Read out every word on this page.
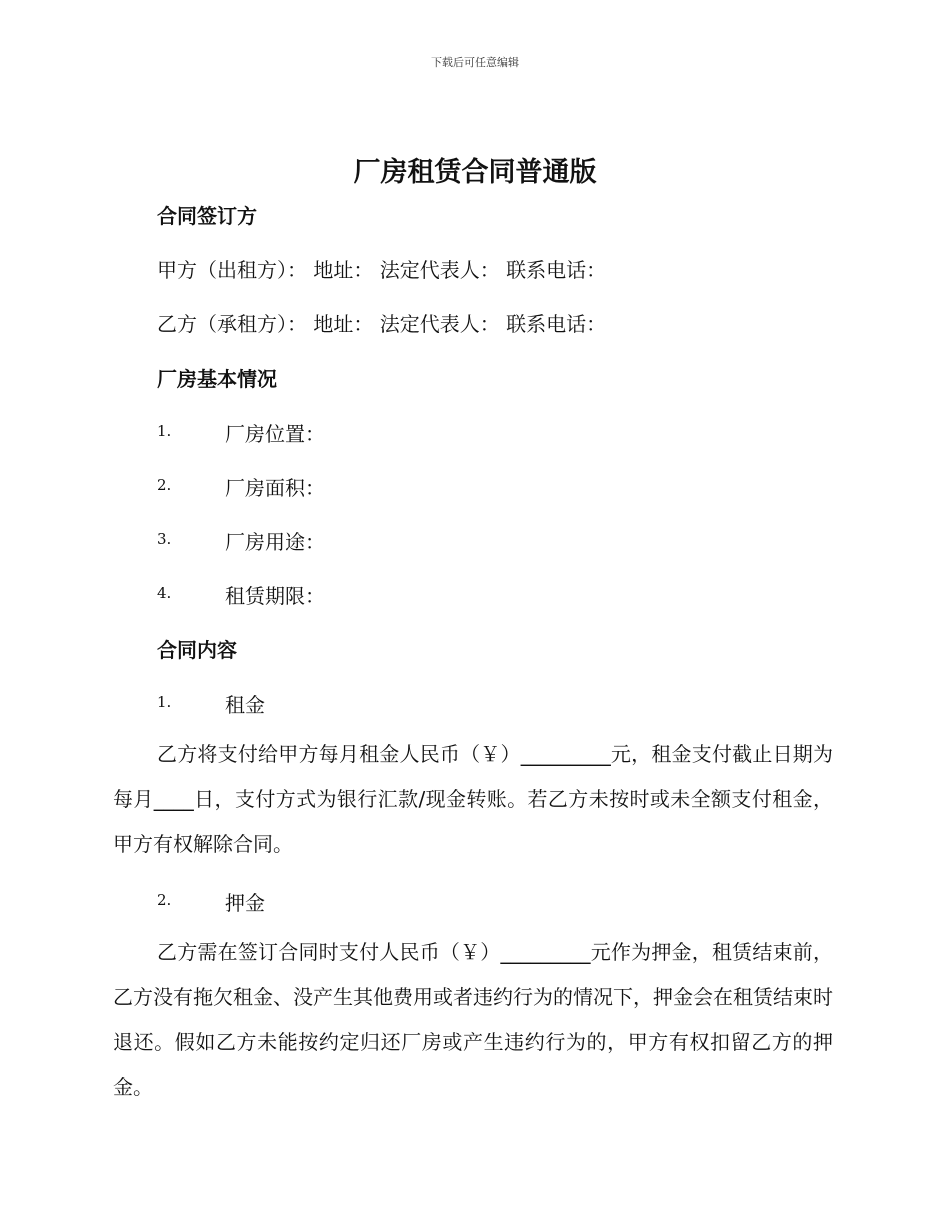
下载后可任意编辑
厂房租赁合同普通版
合同签订方
甲方（出租方）： 地址： 法定代表人： 联系电话：
乙方（承租方）： 地址： 法定代表人： 联系电话：
厂房基本情况
1.	厂房位置：
2.	厂房面积：
3.	厂房用途：
4.	租赁期限：
合同内容
1.	租金
乙方将支付给甲方每月租金人民币（￥）_________元，租金支付截止日期为每月____日，支付方式为银行汇款/现金转账。若乙方未按时或未全额支付租金，甲方有权解除合同。
2.	押金
乙方需在签订合同时支付人民币（￥）_________元作为押金，租赁结束前，乙方没有拖欠租金、没产生其他费用或者违约行为的情况下，押金会在租赁结束时退还。假如乙方未能按约定归还厂房或产生违约行为的，甲方有权扣留乙方的押金。
